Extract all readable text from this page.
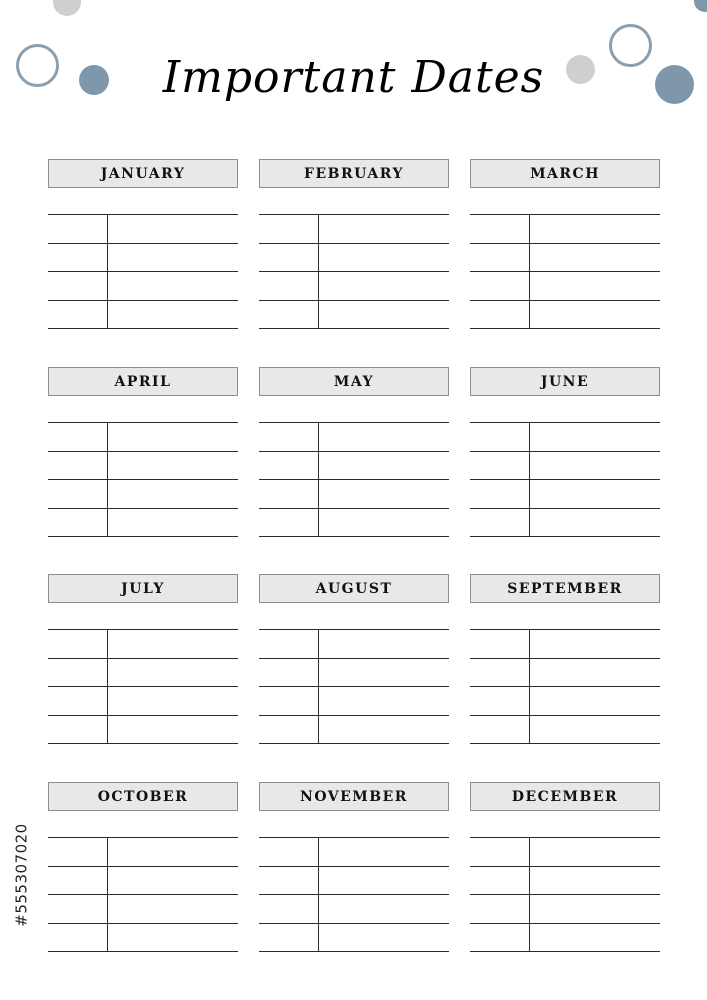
Important Dates
JANUARY	FEBRUARY	MARCH
APRIL	MAY	JUNE
JULY	AUGUST	SEPTEMBER
OCTOBER	NOVEMBER	DECEMBER
#555307020
